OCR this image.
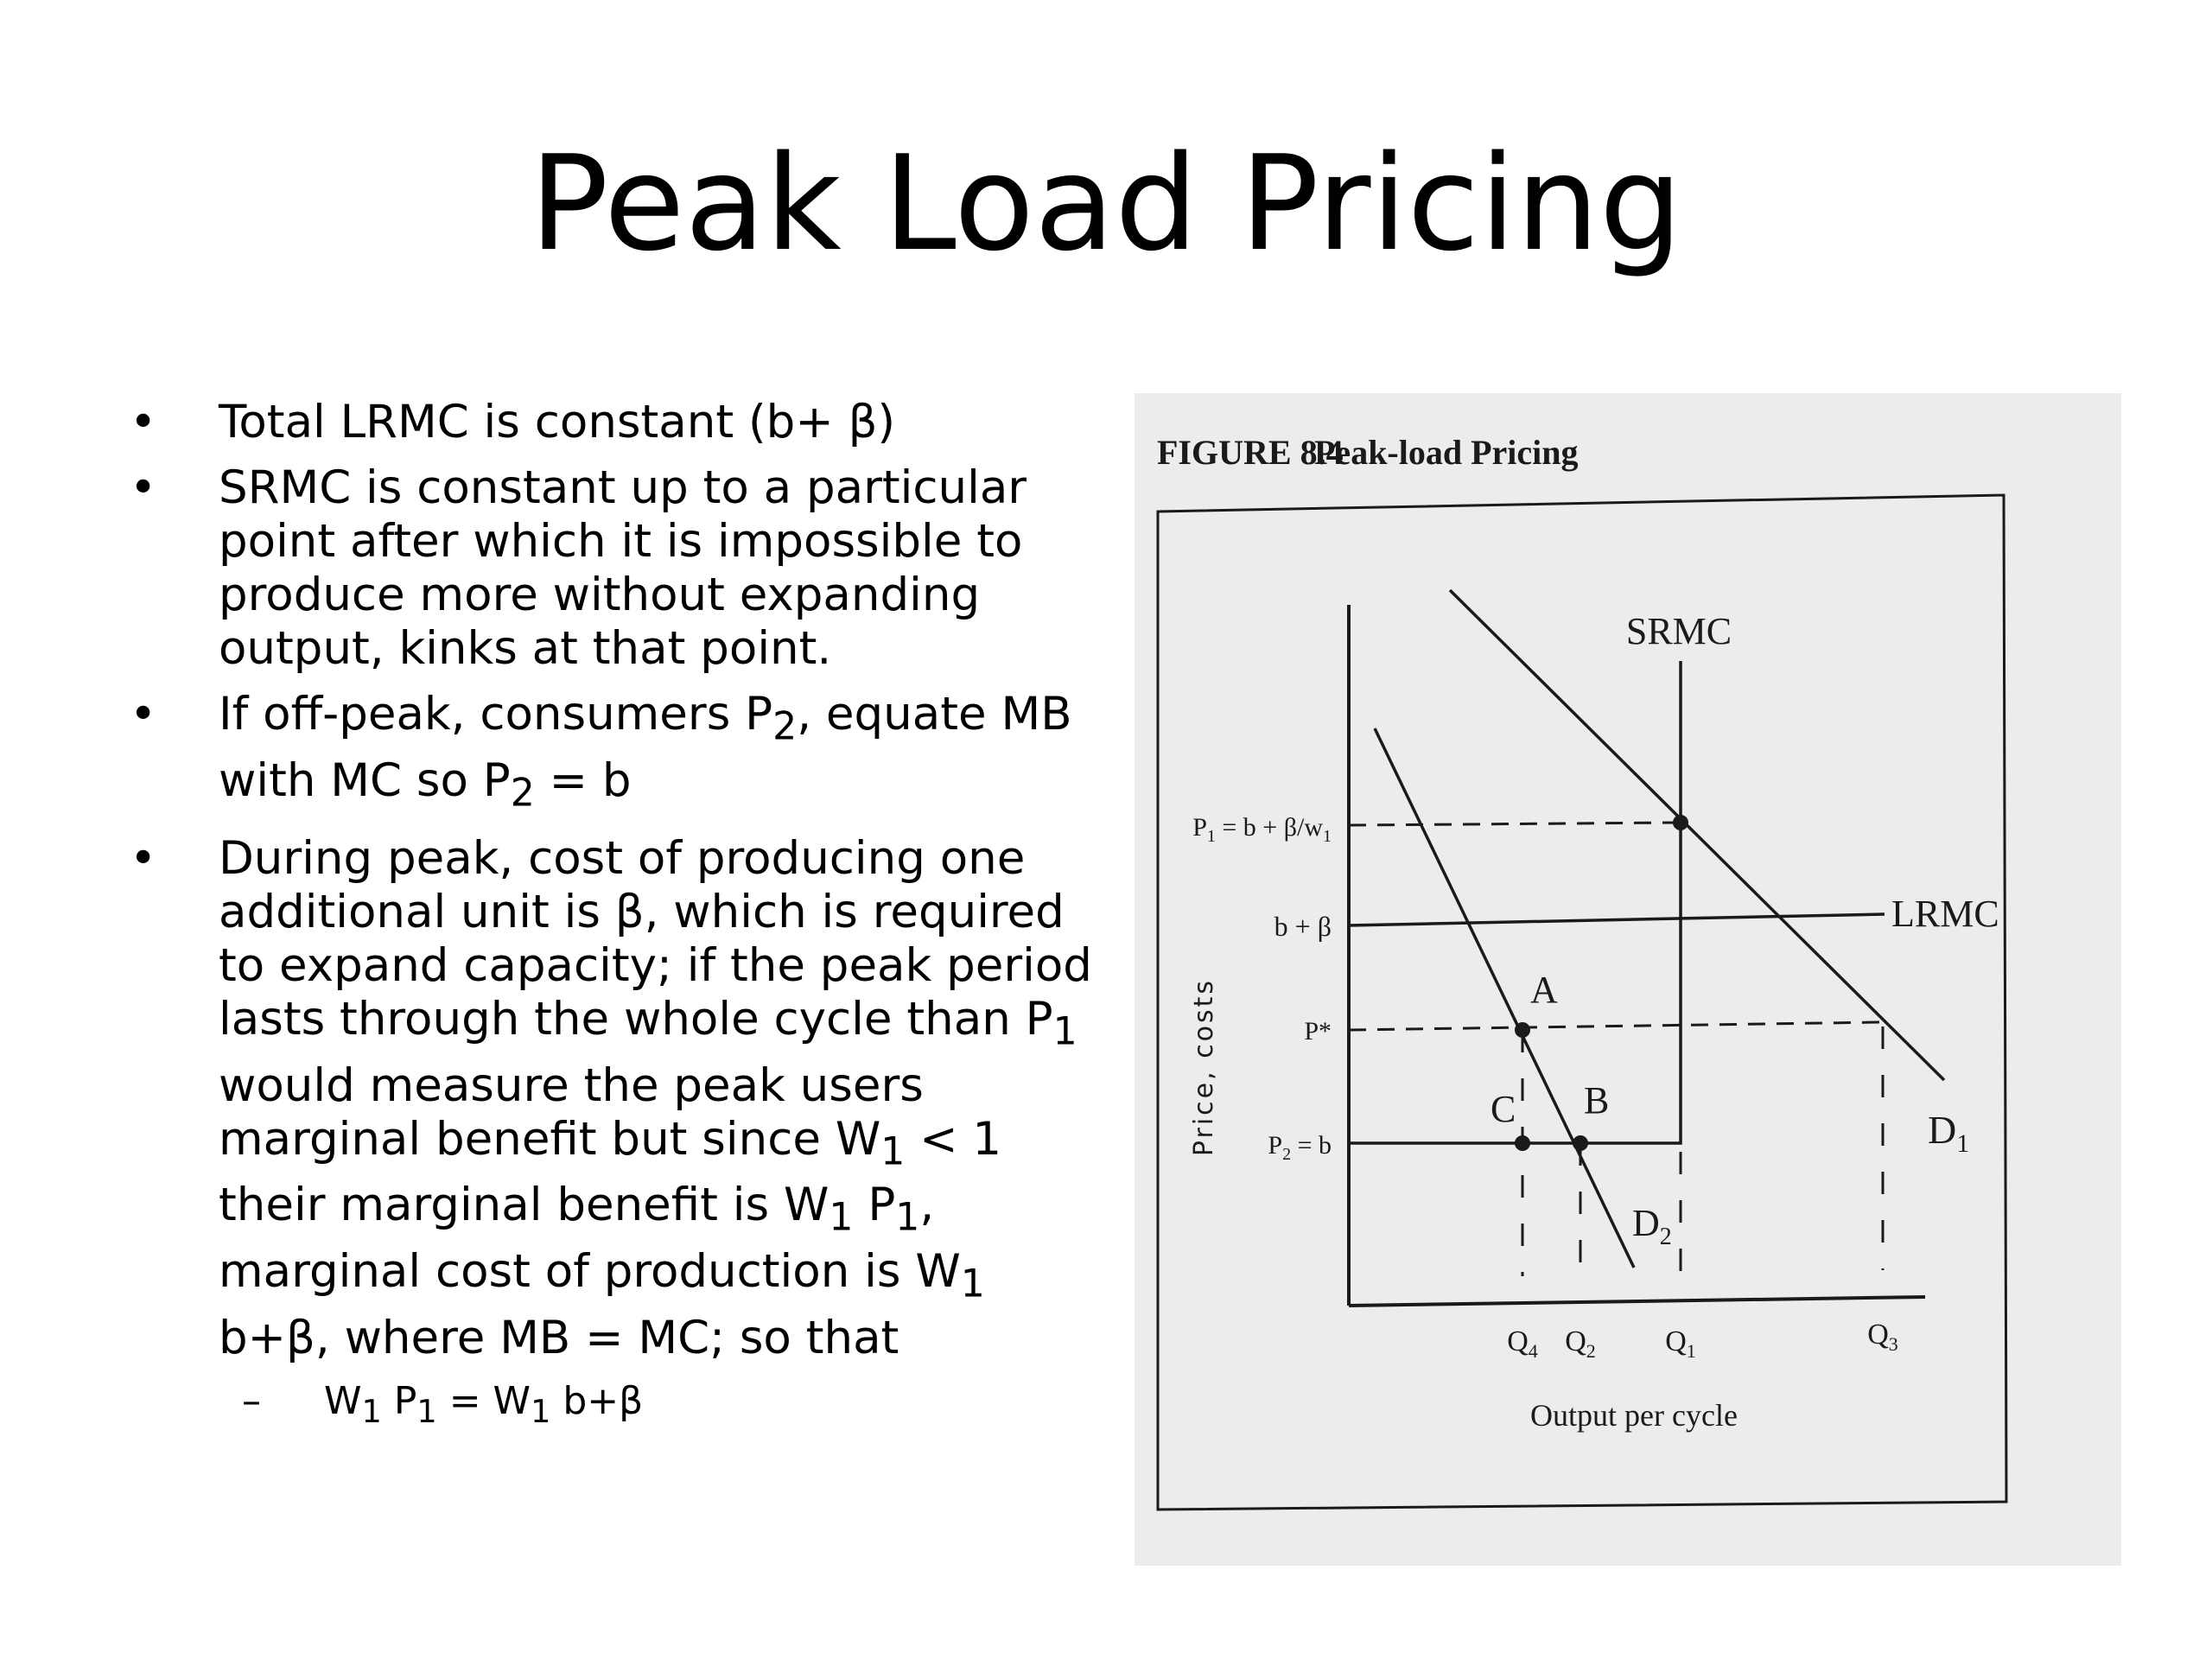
Peak Load Pricing
• Total LRMC is constant (b+ β)
• SRMC is constant up to a particular point after which it is impossible to produce more without expanding output, kinks at that point.
• If off-peak, consumers $P_2$, equate MB with MC so $P_2 = b$
• During peak, cost of producing one additional unit is β, which is required to expand capacity; if the peak period lasts through the whole cycle than $P_1$ would measure the peak users marginal benefit but since $W_1 < 1$ their marginal benefit is $W_1$ $P_1$, marginal cost of production is $W_1$ b+β, where MB = MC; so that
– $W_1$ $P_1 = W_1$ b+β
FIGURE 8.4
Peak-load Pricing
$P_1 = b + \beta/w_1$
b + β
P*
$P_2 = b$
Price, costs
$Q_4$ $Q_2$ $Q_1$
$Q_3$
Output per cycle
SRMC
LRMC
$D_1$
$D_2$
A
B
C
